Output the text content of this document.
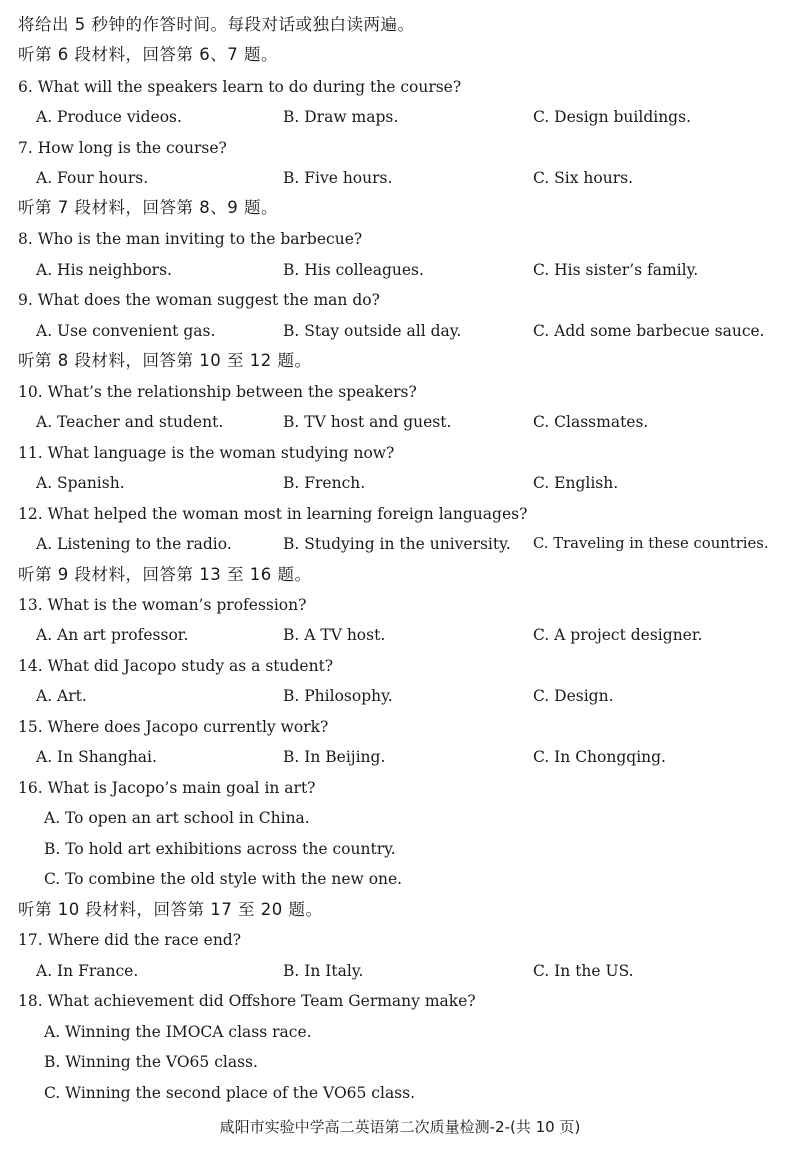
将给出 5 秒钟的作答时间。每段对话或独白读两遍。
听第 6 段材料，回答第 6、7 题。
6. What will the speakers learn to do during the course?
A. Produce videos.	B. Draw maps.	C. Design buildings.
7. How long is the course?
A. Four hours.	B. Five hours.	C. Six hours.
听第 7 段材料，回答第 8、9 题。
8. Who is the man inviting to the barbecue?
A. His neighbors.	B. His colleagues.	C. His sister’s family.
9. What does the woman suggest the man do?
A. Use convenient gas.	B. Stay outside all day.	C. Add some barbecue sauce.
听第 8 段材料，回答第 10 至 12 题。
10. What’s the relationship between the speakers?
A. Teacher and student.	B. TV host and guest.	C. Classmates.
11. What language is the woman studying now?
A. Spanish.	B. French.	C. English.
12. What helped the woman most in learning foreign languages?
A. Listening to the radio.	B. Studying in the university. C. Traveling in these countries.
听第 9 段材料，回答第 13 至 16 题。
13. What is the woman’s profession?
A. An art professor.	B. A TV host.	C. A project designer.
14. What did Jacopo study as a student?
A. Art.	B. Philosophy.	C. Design.
15. Where does Jacopo currently work?
A. In Shanghai.	B. In Beijing.	C. In Chongqing.
16. What is Jacopo’s main goal in art?
A. To open an art school in China.
B. To hold art exhibitions across the country.
C. To combine the old style with the new one.
听第 10 段材料，回答第 17 至 20 题。
17. Where did the race end?
A. In France.	B. In Italy.	C. In the US.
18. What achievement did Offshore Team Germany make?
A. Winning the IMOCA class race.
B. Winning the VO65 class.
C. Winning the second place of the VO65 class.
咸阳市实验中学高二英语第二次质量检测-2-(共 10 页)
